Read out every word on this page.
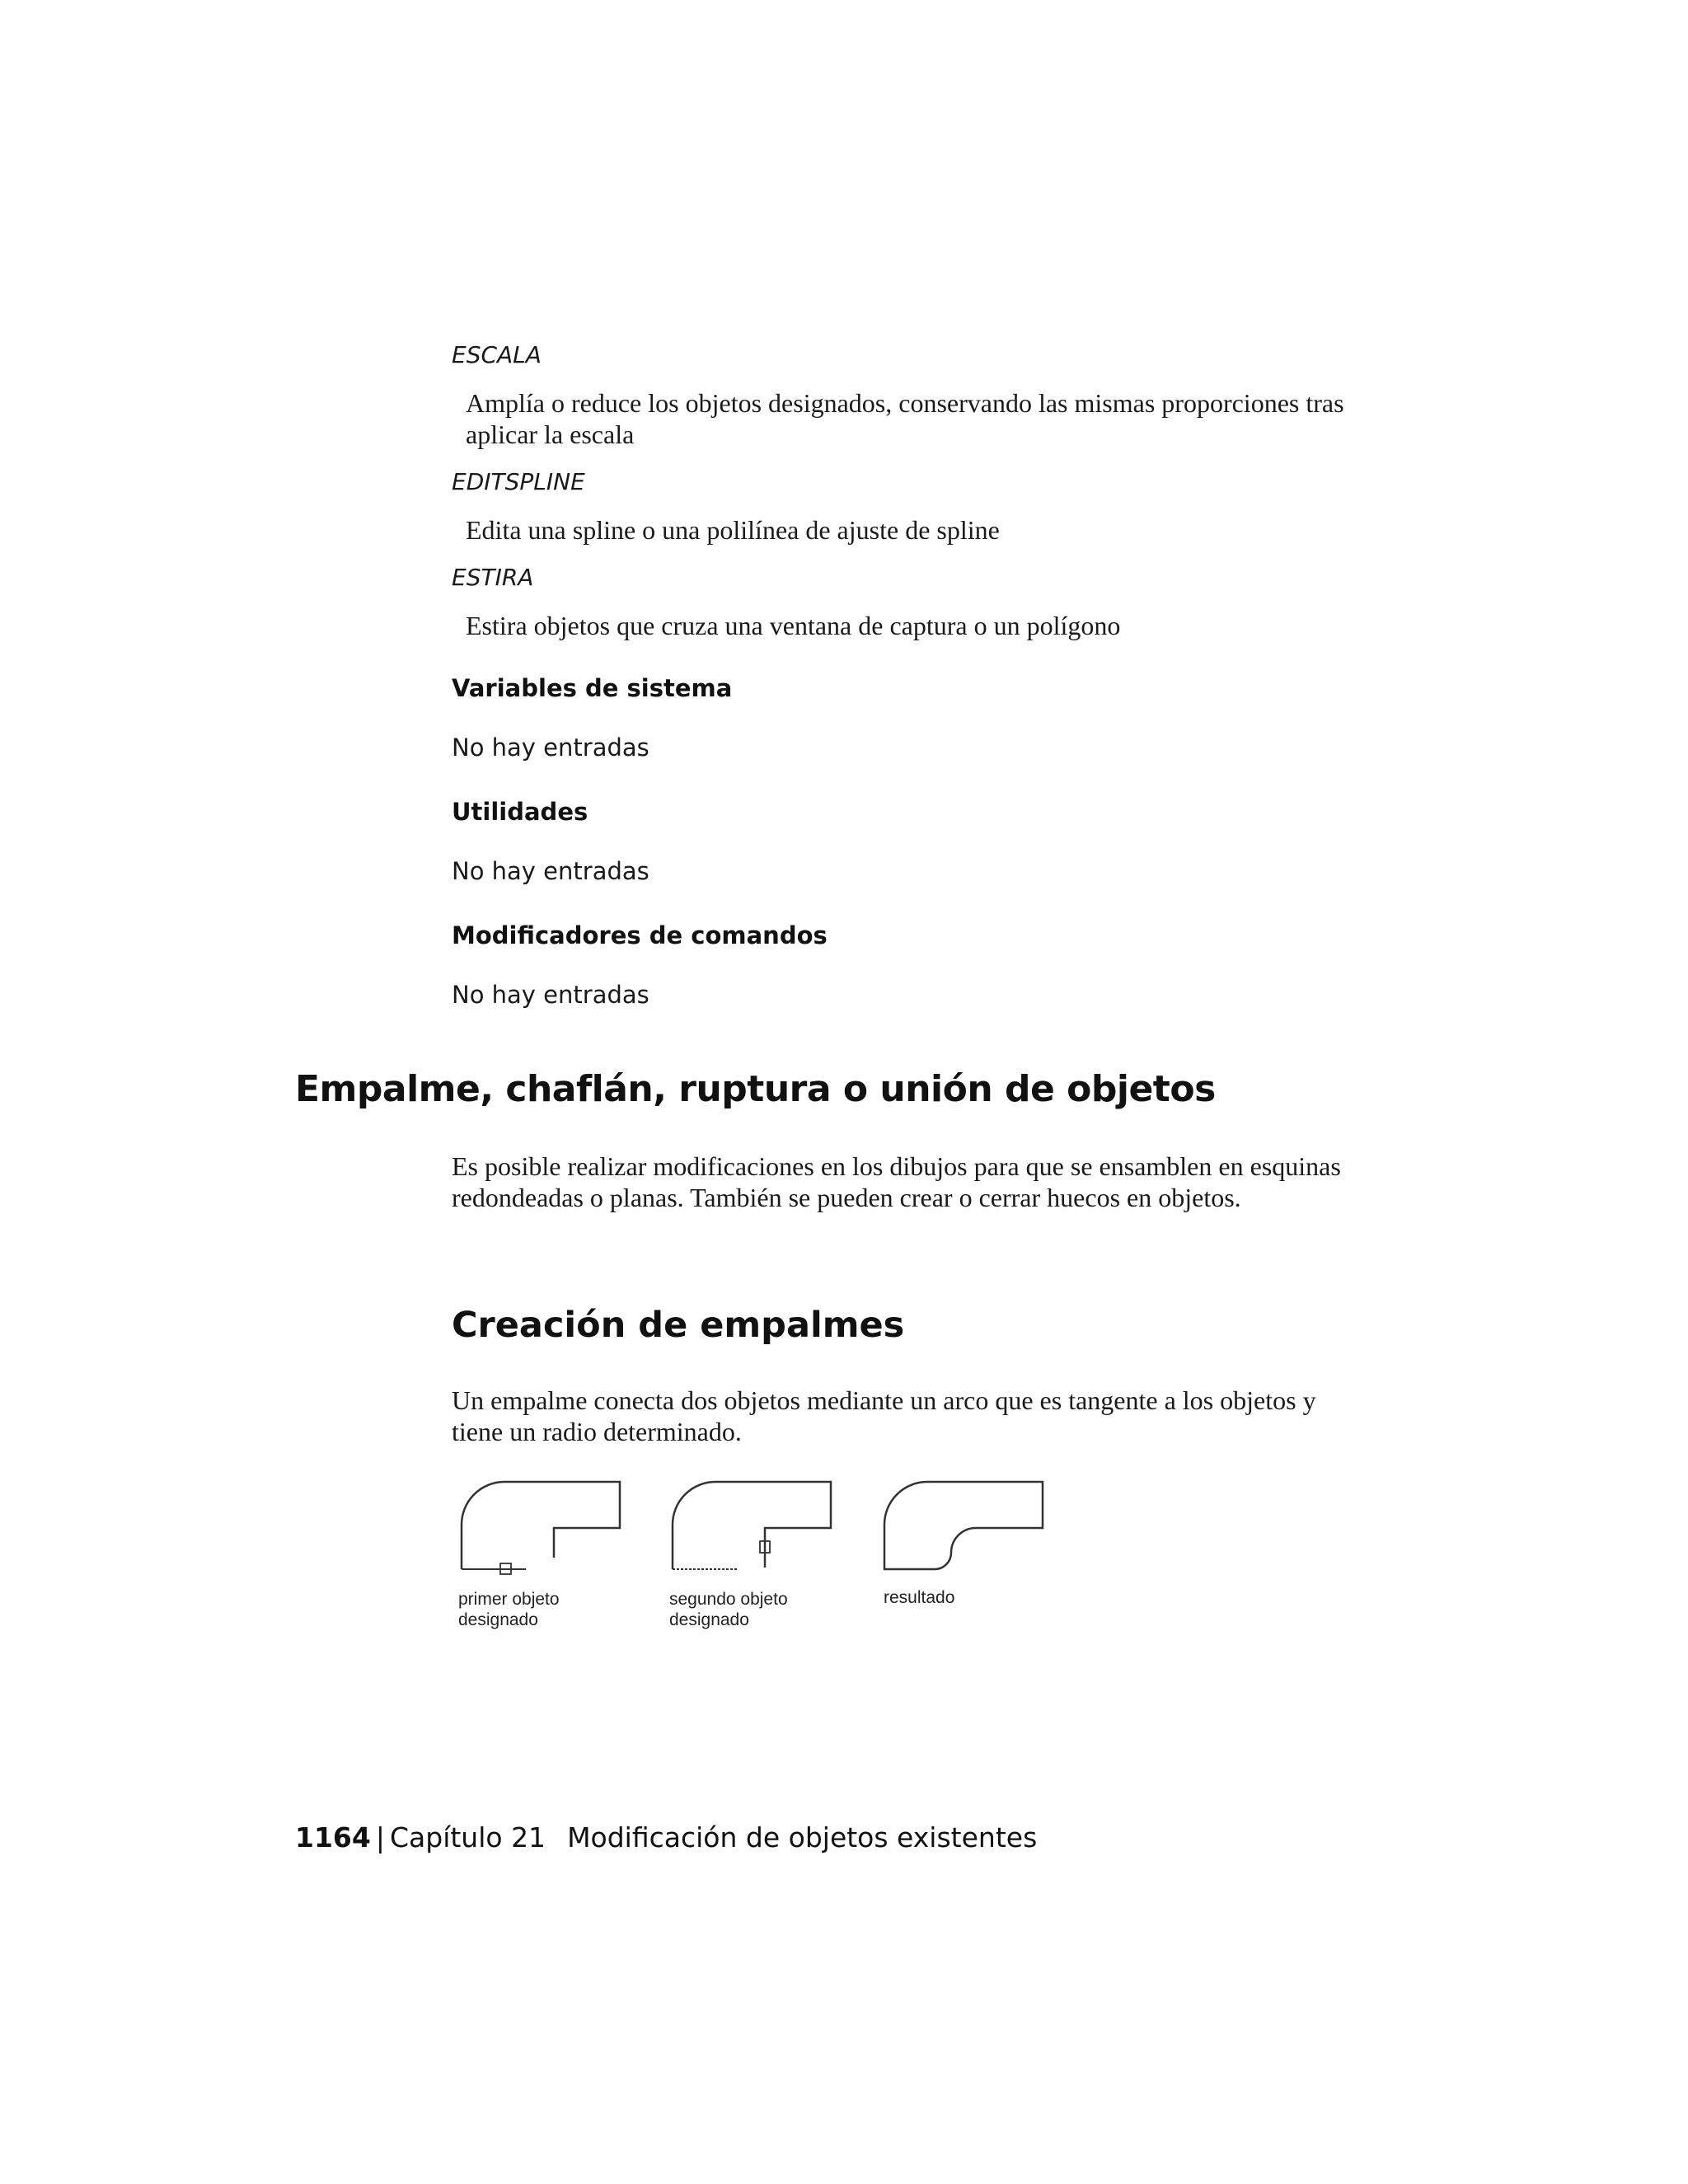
ESCALA
Amplía o reduce los objetos designados, conservando las mismas proporciones tras aplicar la escala
EDITSPLINE
Edita una spline o una polilínea de ajuste de spline
ESTIRA
Estira objetos que cruza una ventana de captura o un polígono
Variables de sistema
No hay entradas
Utilidades
No hay entradas
Modificadores de comandos
No hay entradas
Empalme, chaflán, ruptura o unión de objetos
Es posible realizar modificaciones en los dibujos para que se ensamblen en esquinas redondeadas o planas. También se pueden crear o cerrar huecos en objetos.
Creación de empalmes
Un empalme conecta dos objetos mediante un arco que es tangente a los objetos y tiene un radio determinado.
primer objeto
designado
segundo objeto
designado
resultado
1164 | Capítulo 21 Modificación de objetos existentes
